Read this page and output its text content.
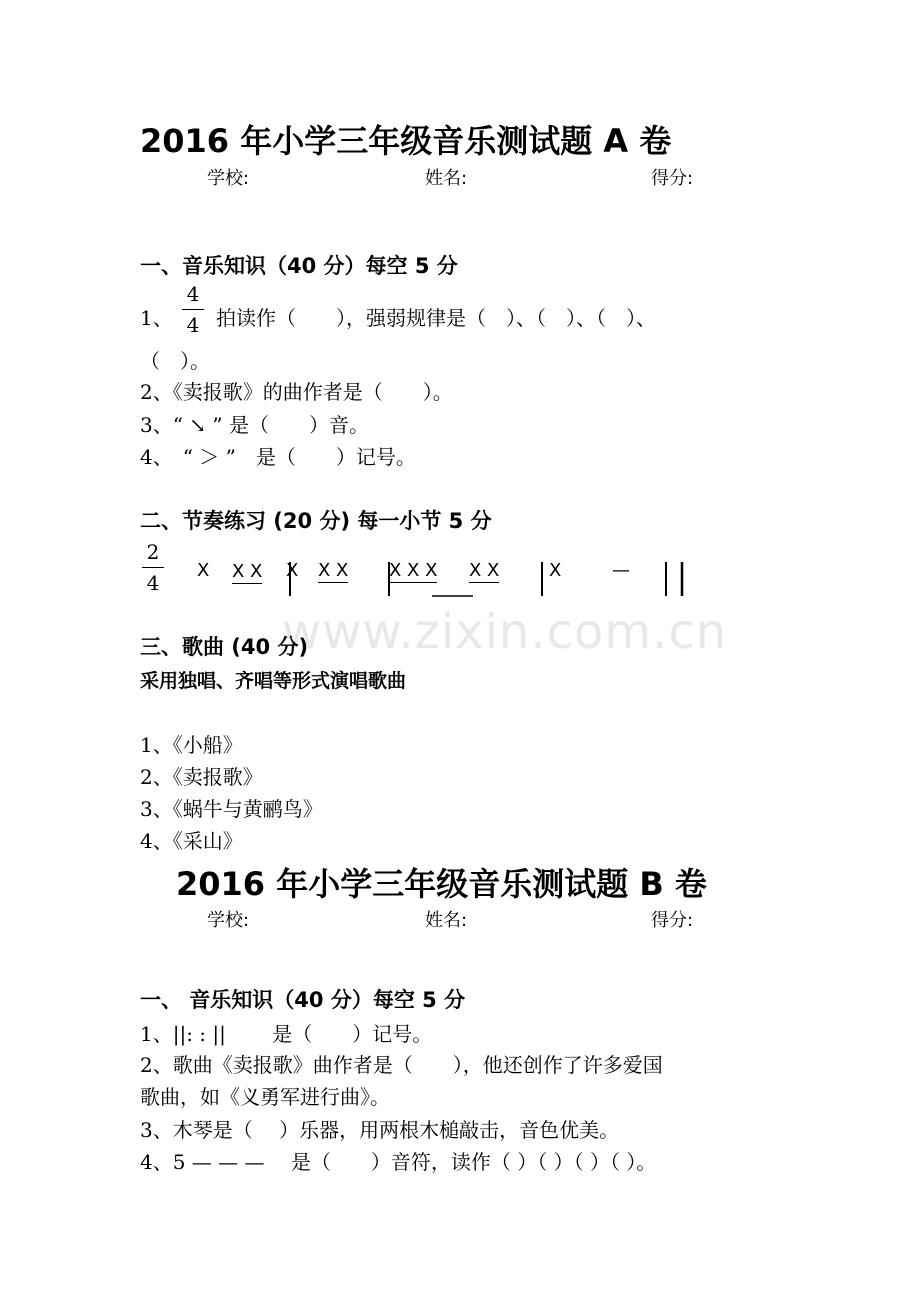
www.zixin.com.cn
2016 年小学三年级音乐测试题 A 卷
学校:	姓名:	得分:
一、音乐知识（40 分）每空 5 分
1、
4
4 拍读作（　　），强弱规律是（　）、（　）、（　）、
（　）。
2、《卖报歌》的曲作者是（　　）。
3、“ ↘ ” 是（　　）音。
4、　“ ＞ ”　是（　　）记号。
二、节奏练习 (20 分) 每一小节 5 分
2
4
X X X X X X X X X X X	X	—
三、歌曲 (40 分)
采用独唱、齐唱等形式演唱歌曲
1、《小船》
2、《卖报歌》
3、《蜗牛与黄鹂鸟》
4、《采山》
2016 年小学三年级音乐测试题 B 卷
学校:	姓名:	得分:
一、 音乐知识（40 分）每空 5 分
1、||: : ||　　 是（　　）记号。
2、歌曲《卖报歌》曲作者是（　　），他还创作了许多爱国
歌曲，如《义勇军进行曲》。
3、木琴是（　 ）乐器，用两根木槌敲击，音色优美。
4、5 — — — 　是（　　）音符，读作（ ）（ ）（ ）（ ）。
